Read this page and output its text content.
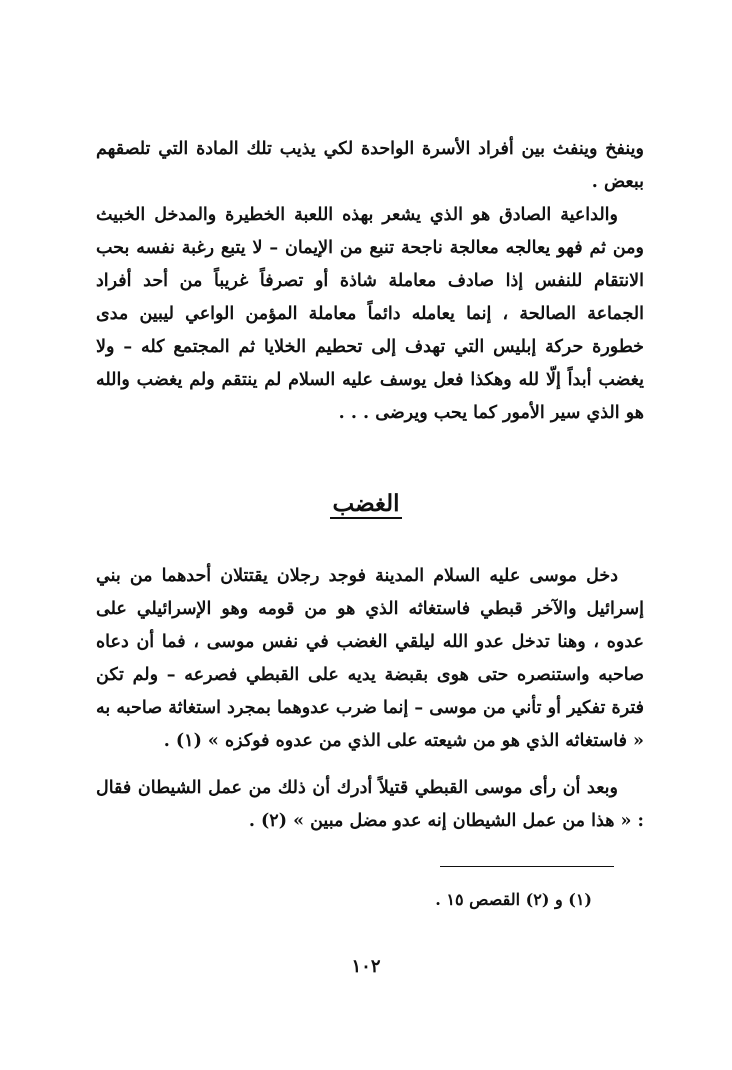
وينفخ وينفث بين أفراد الأسرة الواحدة لكي يذيب تلك المادة التي تلصقهم ببعض .

والداعية الصادق هو الذي يشعر بهذه اللعبة الخطيرة والمدخل الخبيث ومن ثم فهو يعالجه معالجة ناجحة تنبع من الإيمان – لا يتبع رغبة نفسه بحب الانتقام للنفس إذا صادف معاملة شاذة أو تصرفاً غريباً من أحد أفراد الجماعة الصالحة ، إنما يعامله دائماً معاملة المؤمن الواعي ليبين مدى خطورة حركة إبليس التي تهدف إلى تحطيم الخلايا ثم المجتمع كله – ولا يغضب أبداً إلّا لله وهكذا فعل يوسف عليه السلام لم ينتقم ولم يغضب والله هو الذي سير الأمور كما يحب ويرضى . . .

الغضب

دخل موسى عليه السلام المدينة فوجد رجلان يقتتلان أحدهما من بني إسرائيل والآخر قبطي فاستغاثه الذي هو من قومه وهو الإسرائيلي على عدوه ، وهنا تدخل عدو الله ليلقي الغضب في نفس موسى ، فما أن دعاه صاحبه واستنصره حتى هوى بقبضة يديه على القبطي فصرعه – ولم تكن فترة تفكير أو تأني من موسى – إنما ضرب عدوهما بمجرد استغاثة صاحبه به « فاستغاثه الذي هو من شيعته على الذي من عدوه فوكزه » (١) .

وبعد أن رأى موسى القبطي قتيلاً أدرك أن ذلك من عمل الشيطان فقال : « هذا من عمل الشيطان إنه عدو مضل مبين » (٢) .

(١) و (٢) القصص ١٥ .
١٠٢
